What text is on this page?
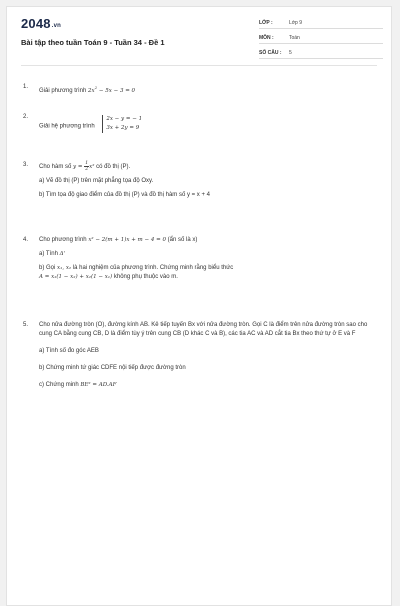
2048.vn
Bài tập theo tuần Toán 9 - Tuần 34 - Đề 1
LỚP :	Lớp 9
MÔN :	Toán
SỐ CÂU :	5
1.
Giải phương trình $2x^2 - 5x - 3 = 0$
2.
Giải hệ phương trình
2x − y = − 1
3x + 2y = 9
3. Cho hàm số $y = \frac{1}{2} x^2$ có đồ thị (P).
a) Vẽ đồ thị (P) trên mặt phẳng tọa độ Oxy.
b) Tìm tọa độ giao điểm của đồ thị (P) và đồ thị hàm số y = x + 4
4. Cho phương trình x² − 2(m + 1)x + m − 4 = 0 (ẩn số là x)
a) Tính Δ'
b) Gọi x₁, x₂ là hai nghiệm của phương trình. Chứng minh rằng biểu thức
A = x₁(1 − x₂) + x₂(1 − x₁) không phụ thuộc vào m.
5. Cho nửa đường tròn (O), đường kính AB. Kẻ tiếp tuyến Bx với nửa đường tròn. Gọi C là điểm trên nửa đường tròn sao cho cung CA bằng cung CB, D là điểm tùy ý trên cung CB (D khác C và B), các tia AC và AD cắt tia Bx theo thứ tự ở E và F
a) Tính số đo góc AEB
b) Chứng minh tứ giác CDFE nội tiếp được đường tròn
c) Chứng minh BE² = AD.AF
